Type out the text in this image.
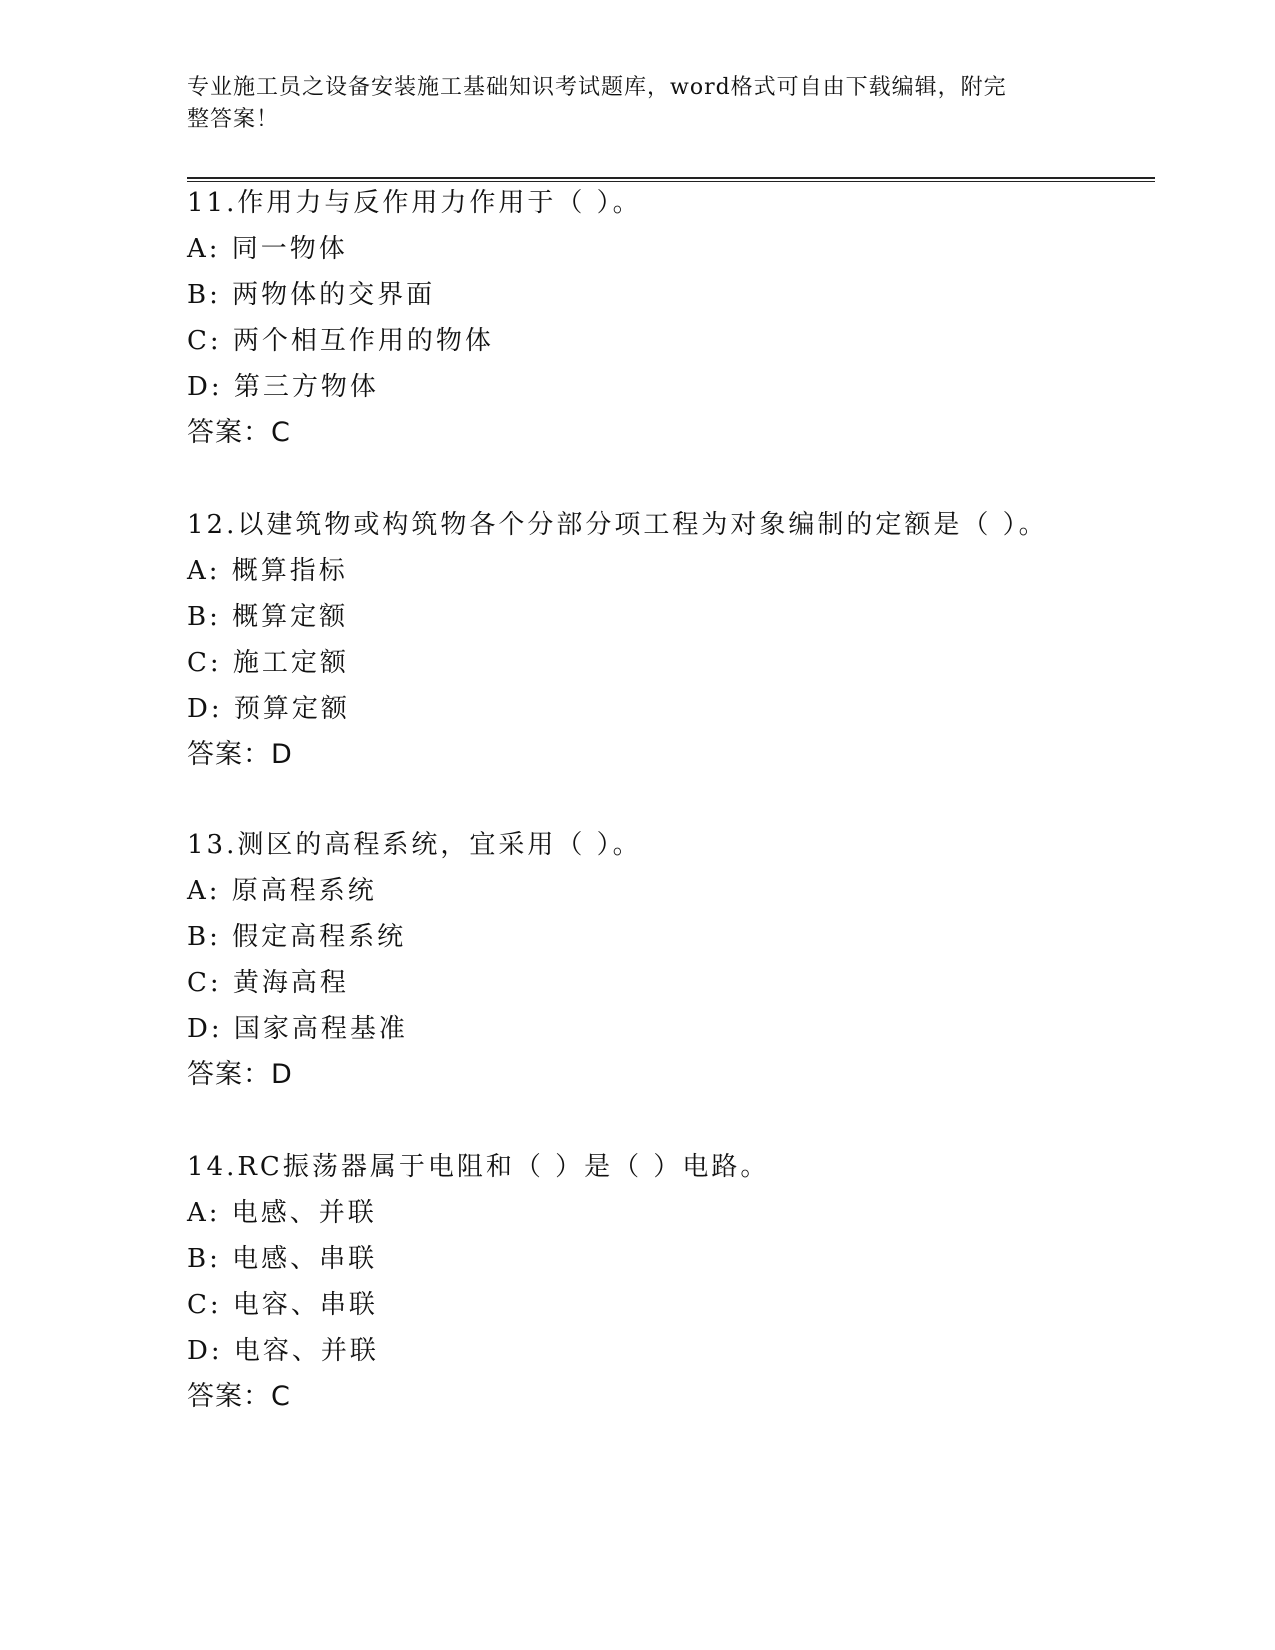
专业施工员之设备安装施工基础知识考试题库，word格式可自由下载编辑，附完
整答案！
11.作用力与反作用力作用于（ ）。
A: 同一物体
B: 两物体的交界面
C: 两个相互作用的物体
D: 第三方物体
答案：C
12.以建筑物或构筑物各个分部分项工程为对象编制的定额是（ ）。
A: 概算指标
B: 概算定额
C: 施工定额
D: 预算定额
答案：D
13.测区的高程系统，宜采用（ ）。
A: 原高程系统
B: 假定高程系统
C: 黄海高程
D: 国家高程基准
答案：D
14.RC振荡器属于电阻和（ ）是（ ）电路。
A: 电感、并联
B: 电感、串联
C: 电容、串联
D: 电容、并联
答案：C
